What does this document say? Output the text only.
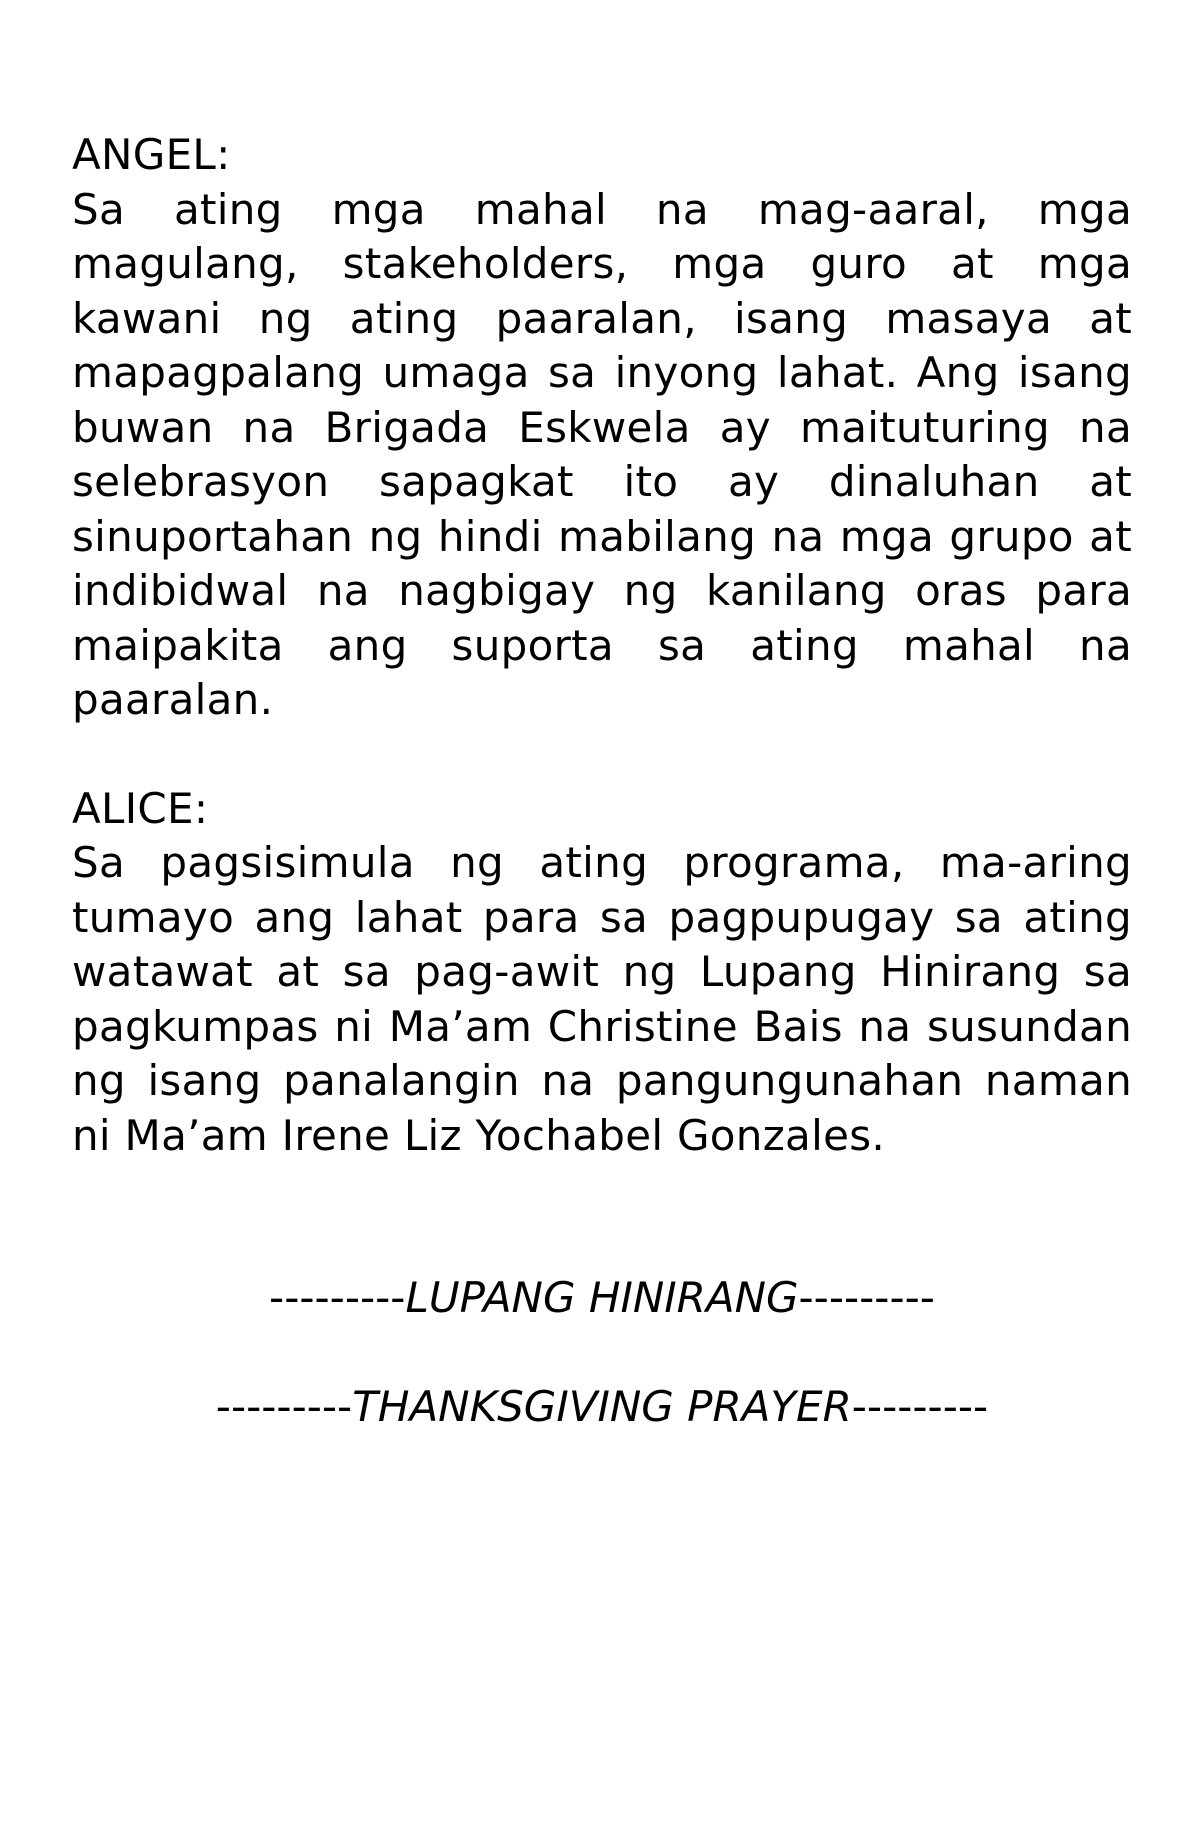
ANGEL:

Sa ating mga mahal na mag-aaral, mga magulang, stakeholders, mga guro at mga kawani ng ating paaralan, isang masaya at mapagpalang umaga sa inyong lahat. Ang isang buwan na Brigada Eskwela ay maituturing na selebrasyon sapagkat ito ay dinaluhan at sinuportahan ng hindi mabilang na mga grupo at indibidwal na nagbigay ng kanilang oras para maipakita ang suporta sa ating mahal na paaralan.

ALICE:

Sa pagsisimula ng ating programa, ma-aring tumayo ang lahat para sa pagpupugay sa ating watawat at sa pag-awit ng Lupang Hinirang sa pagkumpas ni Ma’am Christine Bais na susundan ng isang panalangin na pangungunahan naman ni Ma’am Irene Liz Yochabel Gonzales.

---------LUPANG HINIRANG---------

---------THANKSGIVING PRAYER---------
